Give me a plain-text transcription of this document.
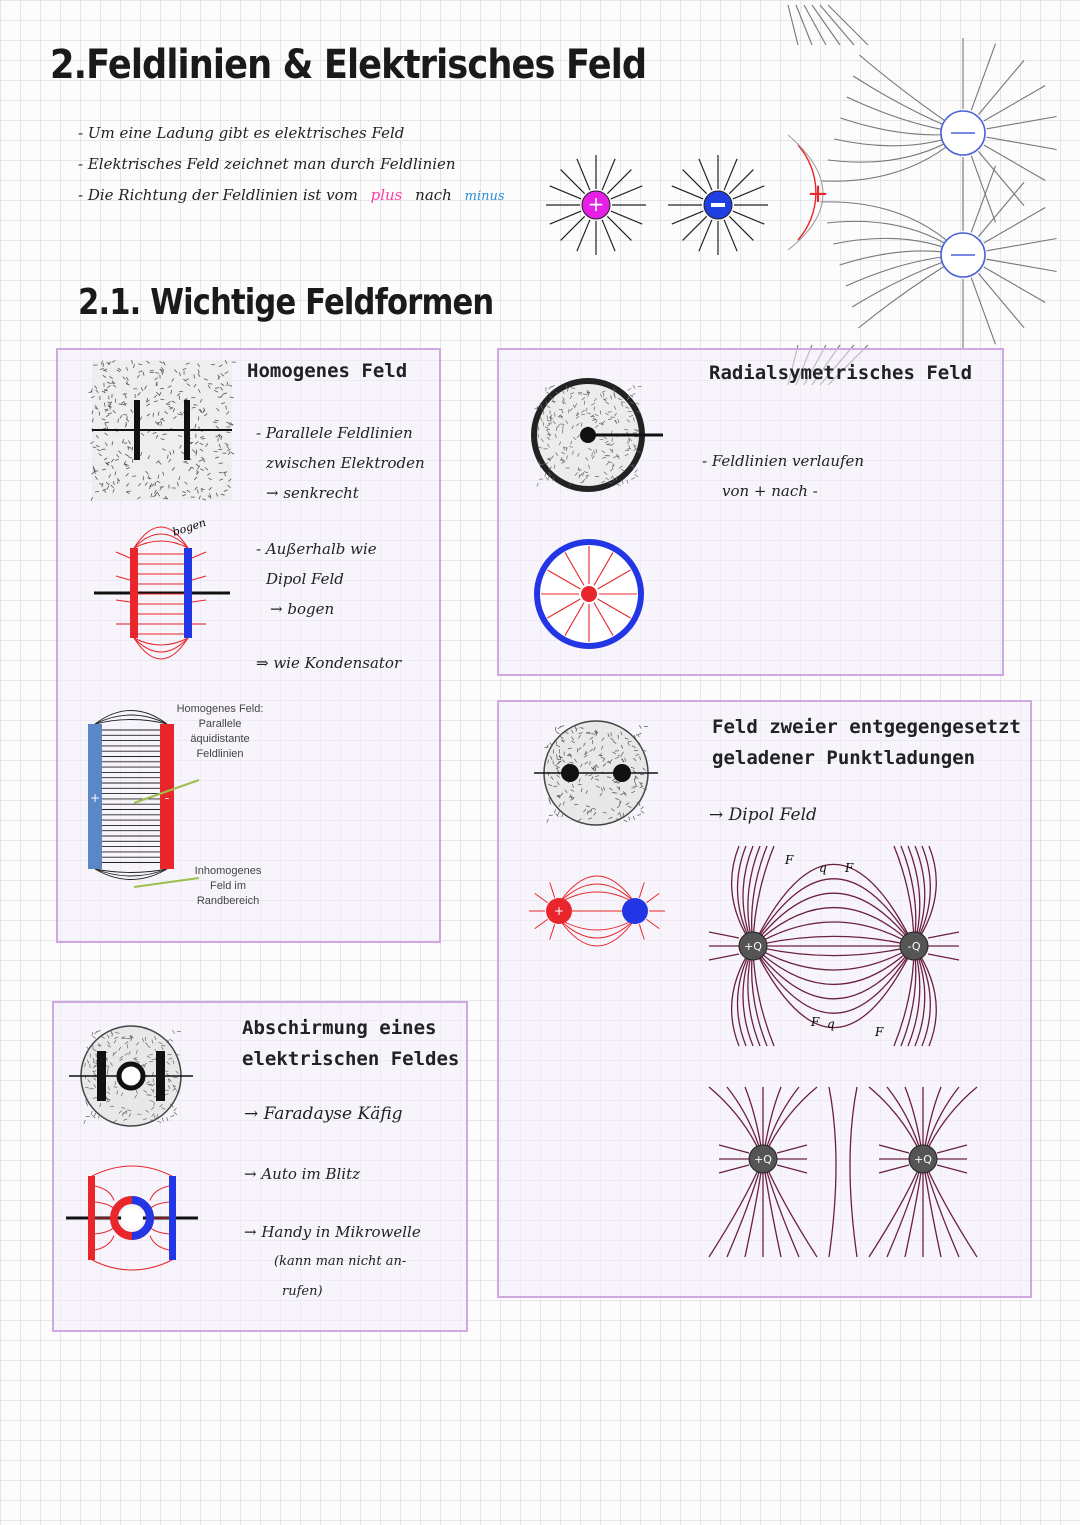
2.Feldlinien & Elektrisches Feld
- Um eine Ladung gibt es elektrisches Feld
- Elektrisches Feld zeichnet man durch Feldlinien
- Die Richtung der Feldlinien ist vom plus nach minus	+	+
2.1. Wichtige Feldformen
Homogenes Feld
- Parallele Feldlinien
zwischen Elektroden
→ senkrecht
- Außerhalb wie
Dipol Feld
→ bogen
⇒ wie Kondensator
bogen
+	-
Homogenes Feld:
Parallele
äquidistante
Feldlinien
Inhomogenes
Feld im
Randbereich
Radialsymetrisches Feld
- Feldlinien verlaufen
von + nach -
Feld zweier entgegengesetzt
geladener Punktladungen
→ Dipol Feld
+
+Q	-Q
F
q F
F q
F
+Q	+Q
Abschirmung eines
elektrischen Feldes
→ Faradayse Käfig
→ Auto im Blitz
→ Handy in Mikrowelle
(kann man nicht an-
rufen)
